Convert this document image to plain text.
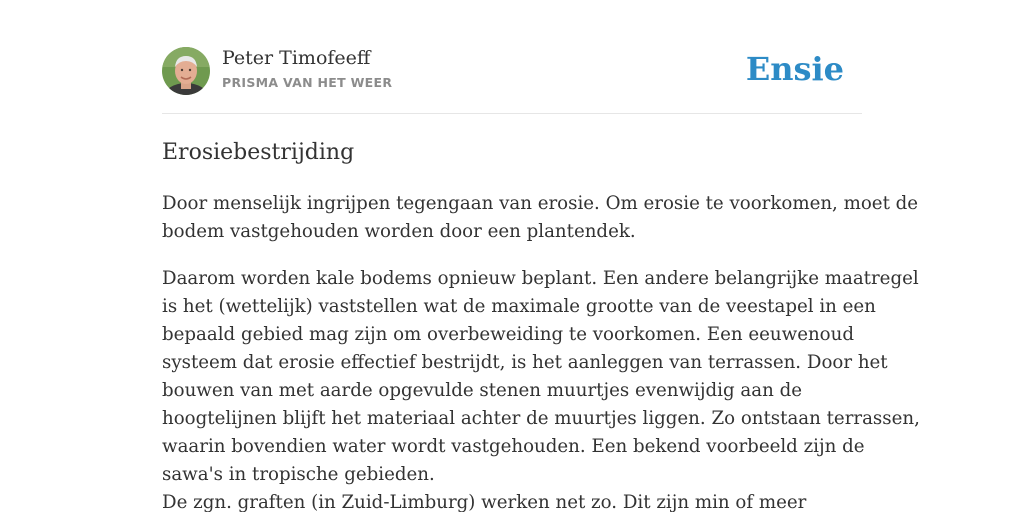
Peter Timofeeff
PRISMA VAN HET WEER	Ensie
Erosiebestrijding

Door menselijk ingrijpen tegengaan van erosie. Om erosie te voorkomen, moet de
bodem vastgehouden worden door een plantendek.

Daarom worden kale bodems opnieuw beplant. Een andere belangrijke maatregel
is het (wettelijk) vaststellen wat de maximale grootte van de veestapel in een
bepaald gebied mag zijn om overbeweiding te voorkomen. Een eeuwenoud
systeem dat erosie effectief bestrijdt, is het aanleggen van terrassen. Door het
bouwen van met aarde opgevulde stenen muurtjes evenwijdig aan de
hoogtelijnen blijft het materiaal achter de muurtjes liggen. Zo ontstaan terrassen,
waarin bovendien water wordt vastgehouden. Een bekend voorbeeld zijn de
sawa's in tropische gebieden.
De zgn. graften (in Zuid-Limburg) werken net zo. Dit zijn min of meer
